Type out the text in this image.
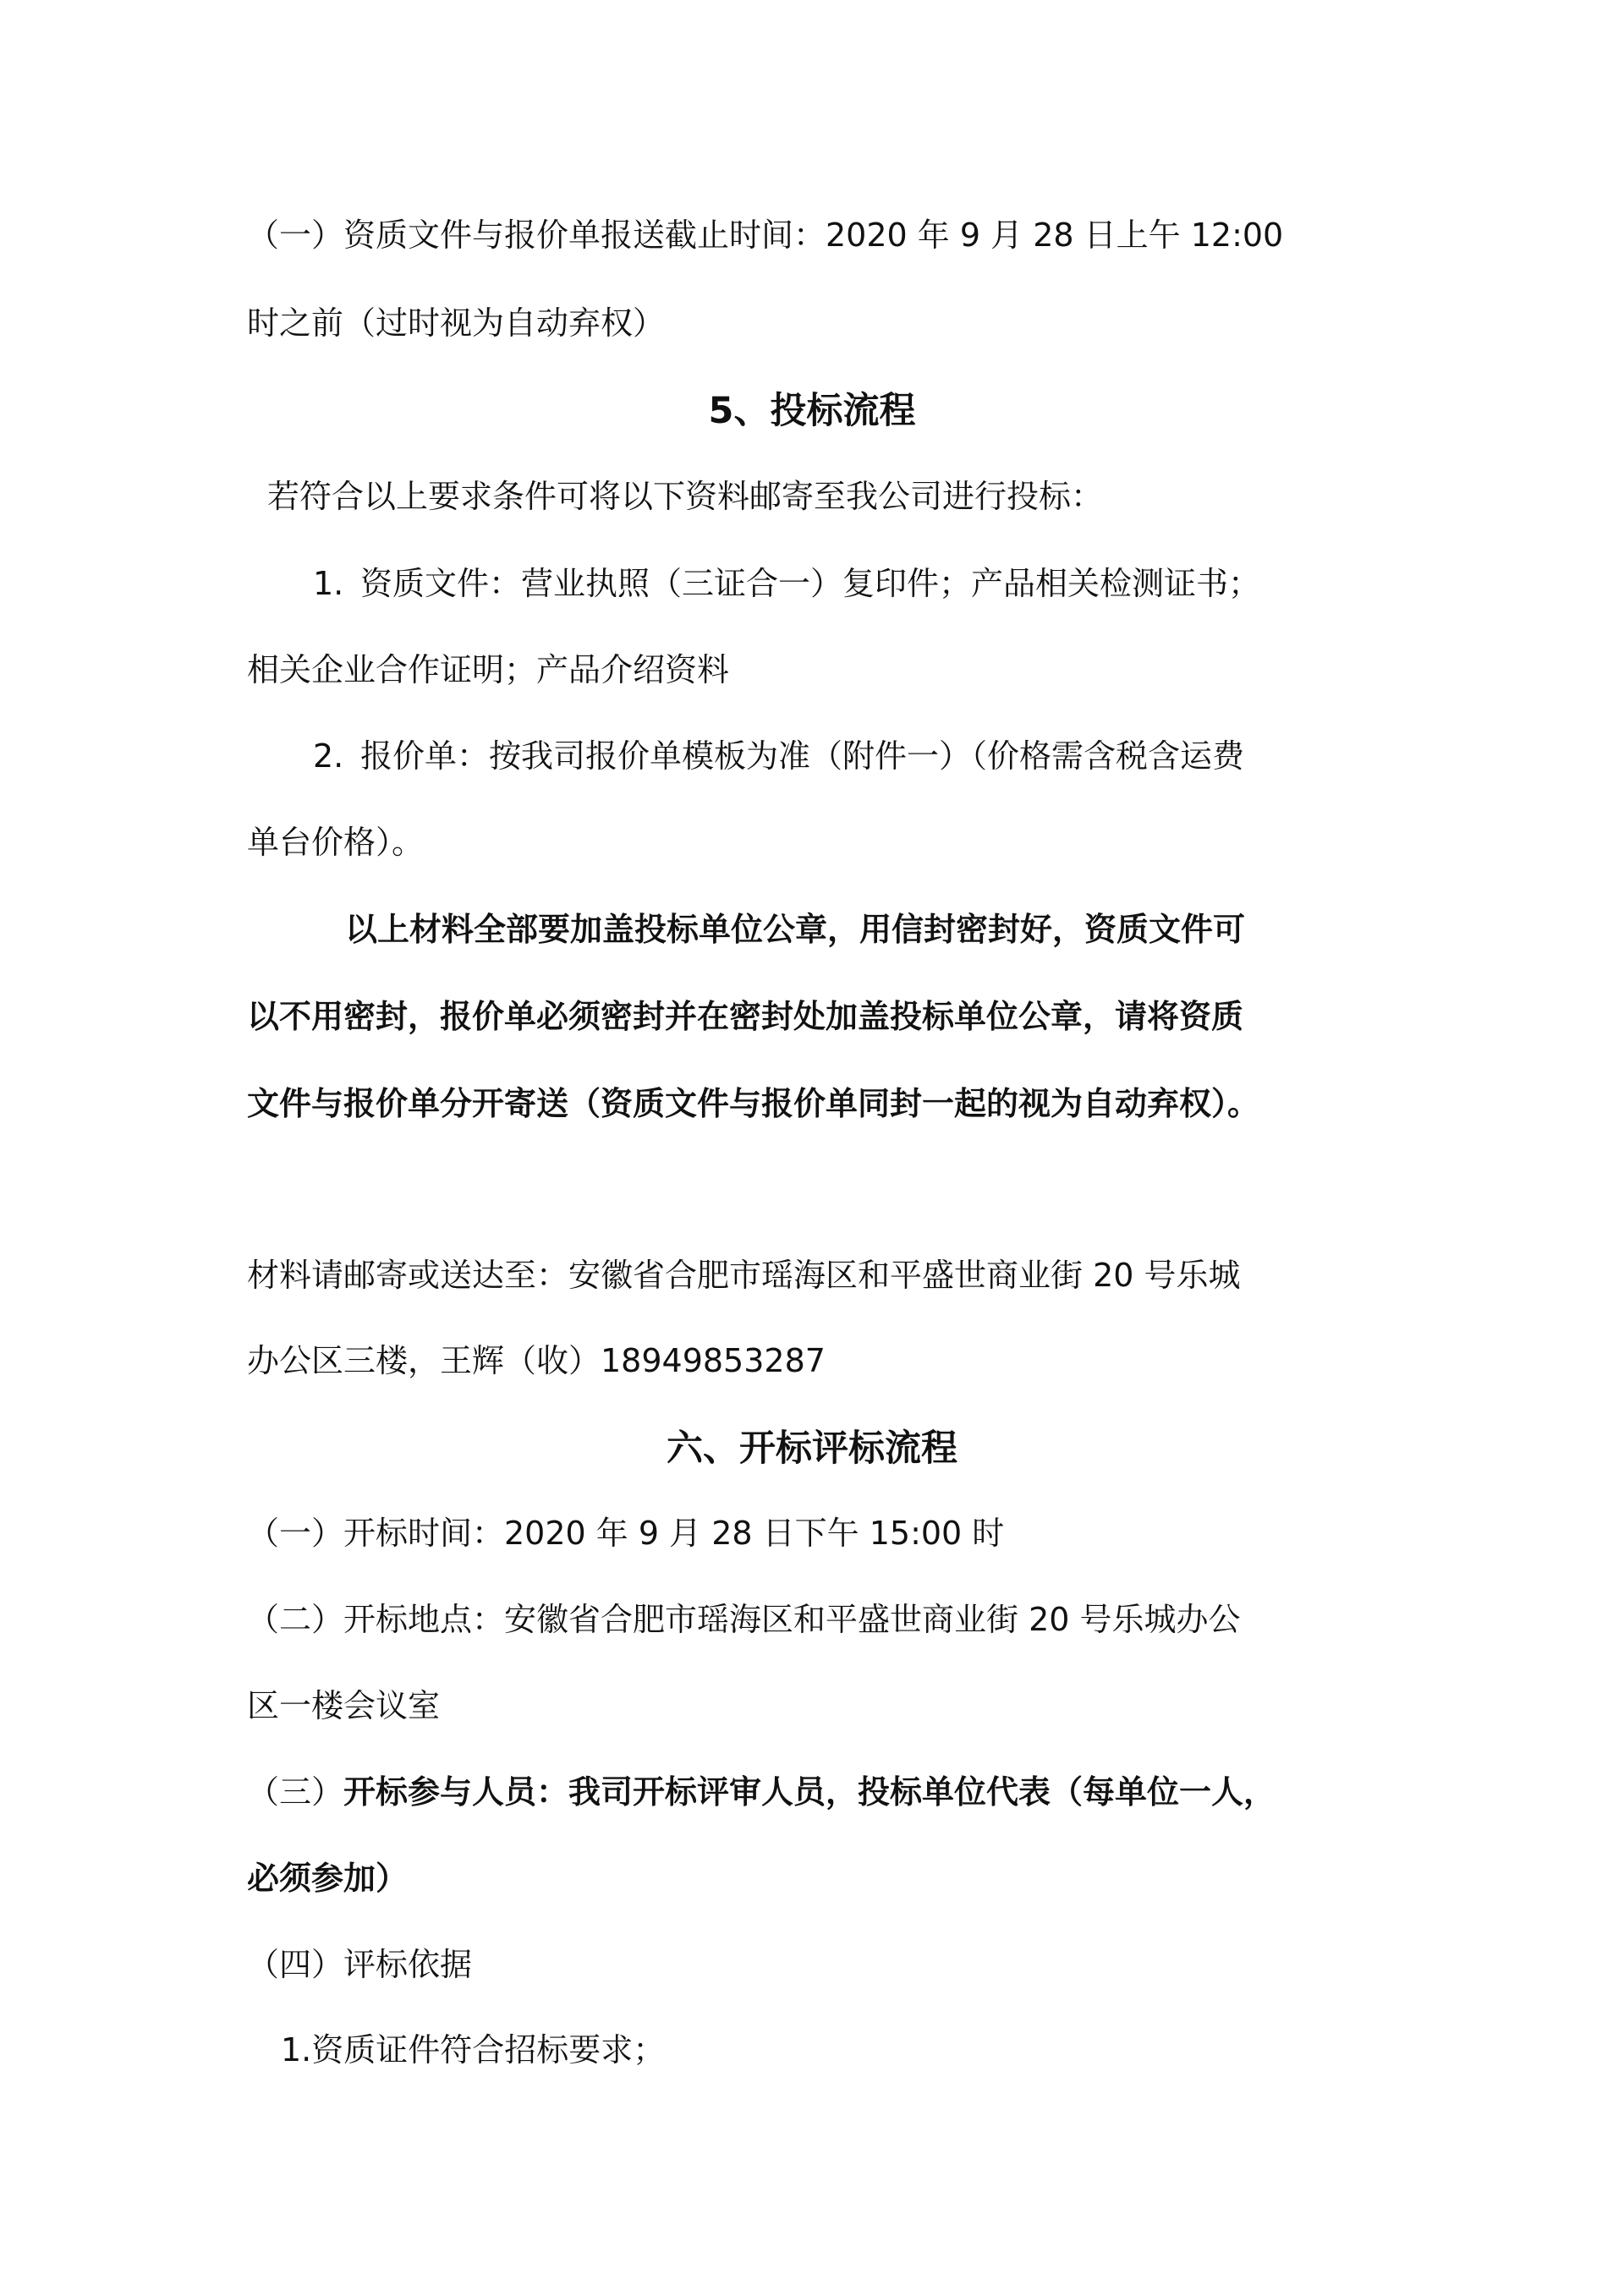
（一）资质文件与报价单报送截止时间：2020 年 9 月 28 日上午 12:00
时之前（过时视为自动弃权）
5、投标流程
若符合以上要求条件可将以下资料邮寄至我公司进行投标：
1. 资质文件：营业执照（三证合一）复印件；产品相关检测证书；
相关企业合作证明；产品介绍资料
2. 报价单：按我司报价单模板为准（附件一）（价格需含税含运费
单台价格）。
以上材料全部要加盖投标单位公章，用信封密封好，资质文件可
以不用密封，报价单必须密封并在密封处加盖投标单位公章，请将资质
文件与报价单分开寄送（资质文件与报价单同封一起的视为自动弃权）。
材料请邮寄或送达至：安徽省合肥市瑶海区和平盛世商业街 20 号乐城
办公区三楼，王辉（收）18949853287
六、开标评标流程
（一）开标时间：2020 年 9 月 28 日下午 15:00 时
（二）开标地点：安徽省合肥市瑶海区和平盛世商业街 20 号乐城办公
区一楼会议室
（三）开标参与人员：我司开标评审人员，投标单位代表（每单位一人，
必须参加）
（四）评标依据
1.资质证件符合招标要求；
